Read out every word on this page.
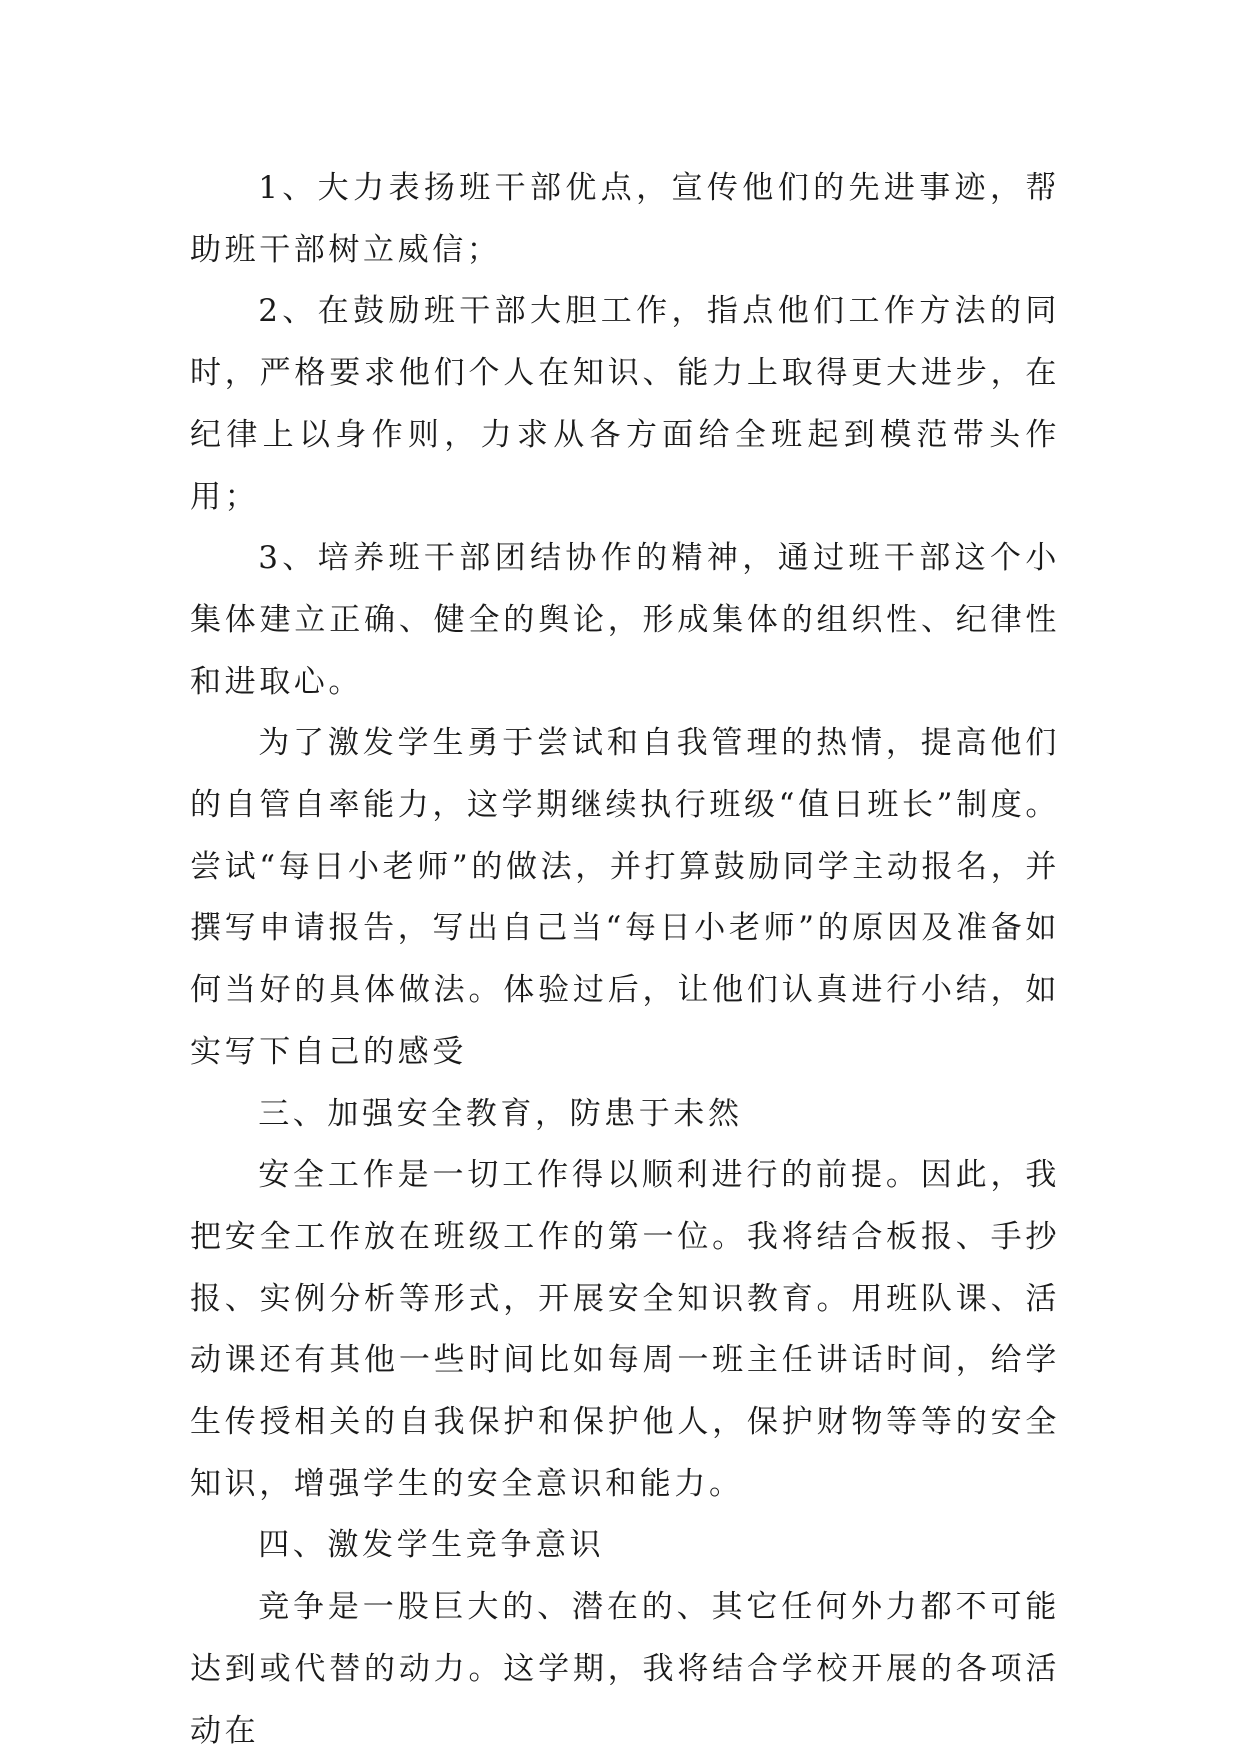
1、大力表扬班干部优点，宣传他们的先进事迹，帮助班干部树立威信；

2、在鼓励班干部大胆工作，指点他们工作方法的同时，严格要求他们个人在知识、能力上取得更大进步，在纪律上以身作则，力求从各方面给全班起到模范带头作用；

3、培养班干部团结协作的精神，通过班干部这个小集体建立正确、健全的舆论，形成集体的组织性、纪律性和进取心。

为了激发学生勇于尝试和自我管理的热情，提高他们的自管自率能力，这学期继续执行班级“值日班长”制度。尝试“每日小老师”的做法，并打算鼓励同学主动报名，并撰写申请报告，写出自己当“每日小老师”的原因及准备如何当好的具体做法。体验过后，让他们认真进行小结，如实写下自己的感受

三、加强安全教育，防患于未然

安全工作是一切工作得以顺利进行的前提。因此，我把安全工作放在班级工作的第一位。我将结合板报、手抄报、实例分析等形式，开展安全知识教育。用班队课、活动课还有其他一些时间比如每周一班主任讲话时间，给学生传授相关的自我保护和保护他人，保护财物等等的安全知识，增强学生的安全意识和能力。

四、激发学生竞争意识

竞争是一股巨大的、潜在的、其它任何外力都不可能达到或代替的动力。这学期，我将结合学校开展的各项活动在
